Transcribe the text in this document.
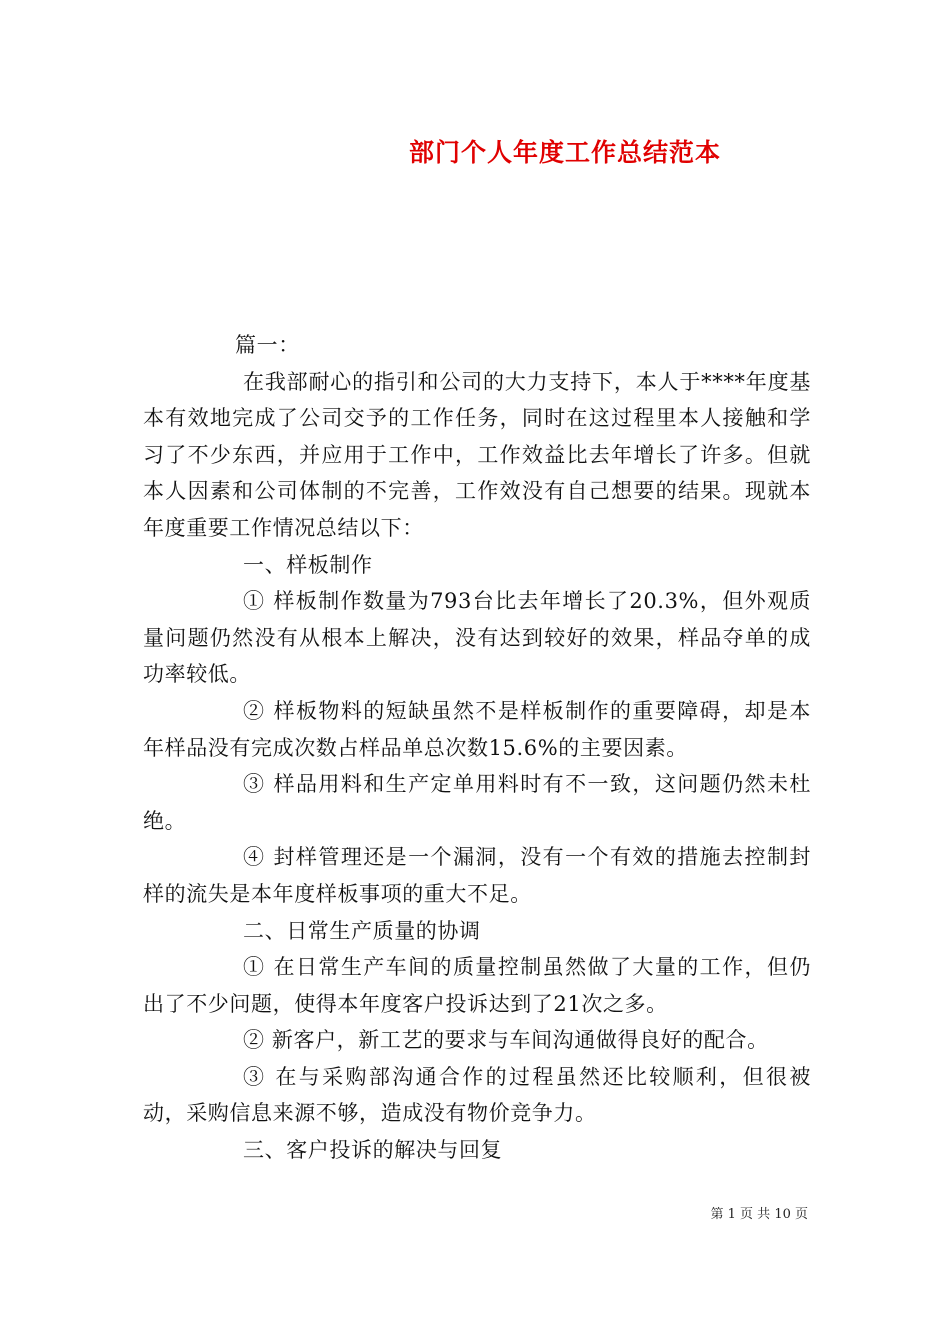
部门个人年度工作总结范本

篇一：

在我部耐心的指引和公司的大力支持下，本人于****年度基本有效地完成了公司交予的工作任务，同时在这过程里本人接触和学习了不少东西，并应用于工作中，工作效益比去年增长了许多。但就本人因素和公司体制的不完善，工作效没有自己想要的结果。现就本年度重要工作情况总结以下：

一、样板制作

① 样板制作数量为793台比去年增长了20.3%，但外观质量问题仍然没有从根本上解决，没有达到较好的效果，样品夺单的成功率较低。

② 样板物料的短缺虽然不是样板制作的重要障碍，却是本年样品没有完成次数占样品单总次数15.6%的主要因素。

③ 样品用料和生产定单用料时有不一致，这问题仍然未杜绝。

④ 封样管理还是一个漏洞，没有一个有效的措施去控制封样的流失是本年度样板事项的重大不足。

二、日常生产质量的协调

① 在日常生产车间的质量控制虽然做了大量的工作，但仍出了不少问题，使得本年度客户投诉达到了21次之多。

② 新客户，新工艺的要求与车间沟通做得良好的配合。

③ 在与采购部沟通合作的过程虽然还比较顺利，但很被动，采购信息来源不够，造成没有物价竞争力。

三、客户投诉的解决与回复

第 1 页 共 10 页
